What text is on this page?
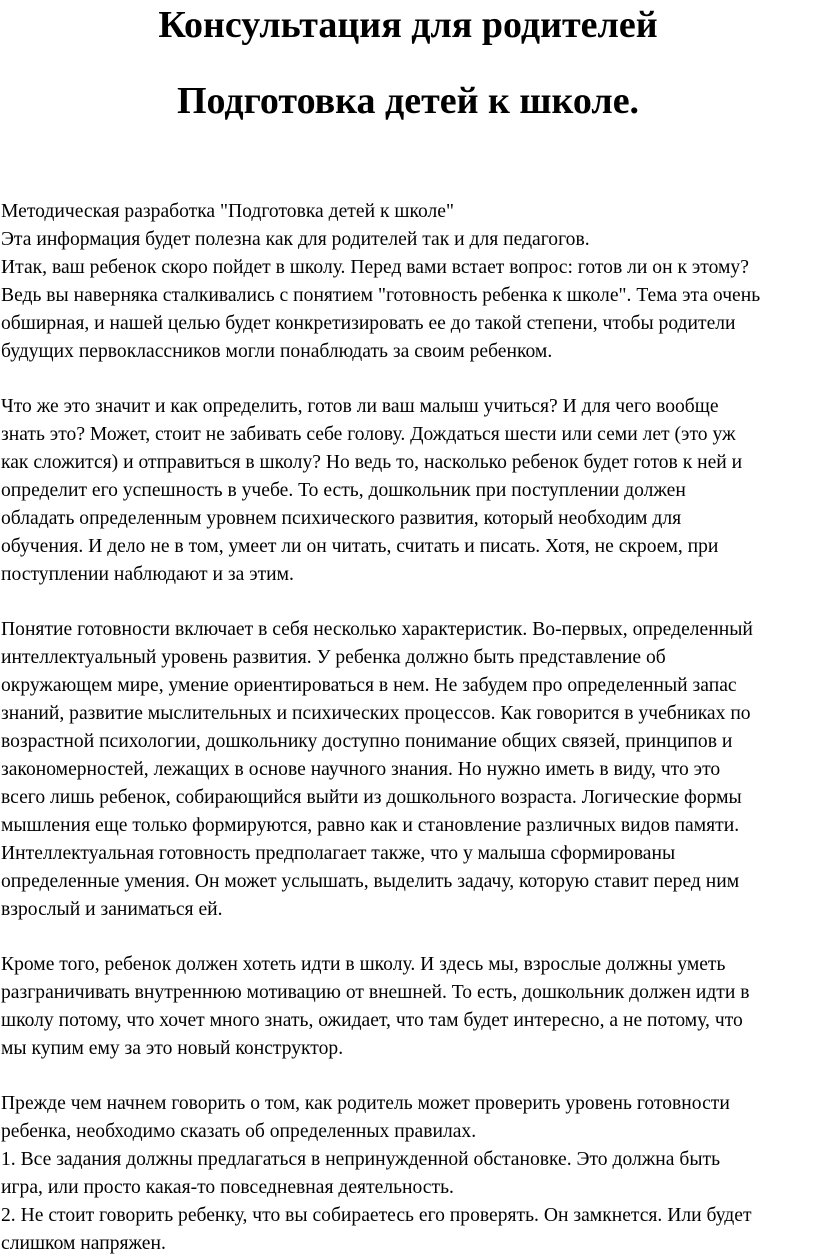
Консультация для родителей
Подготовка детей к школе.
Методическая разработка "Подготовка детей к школе"
Эта информация будет полезна как для родителей так и для педагогов.
Итак, ваш ребенок скоро пойдет в школу. Перед вами встает вопрос: готов ли он к этому?
Ведь вы наверняка сталкивались с понятием "готовность ребенка к школе". Тема эта очень
обширная, и нашей целью будет конкретизировать ее до такой степени, чтобы родители
будущих первоклассников могли понаблюдать за своим ребенком.
Что же это значит и как определить, готов ли ваш малыш учиться? И для чего вообще
знать это? Может, стоит не забивать себе голову. Дождаться шести или семи лет (это уж
как сложится) и отправиться в школу? Но ведь то, насколько ребенок будет готов к ней и
определит его успешность в учебе. То есть, дошкольник при поступлении должен
обладать определенным уровнем психического развития, который необходим для
обучения. И дело не в том, умеет ли он читать, считать и писать. Хотя, не скроем, при
поступлении наблюдают и за этим.
Понятие готовности включает в себя несколько характеристик. Во-первых, определенный
интеллектуальный уровень развития. У ребенка должно быть представление об
окружающем мире, умение ориентироваться в нем. Не забудем про определенный запас
знаний, развитие мыслительных и психических процессов. Как говорится в учебниках по
возрастной психологии, дошкольнику доступно понимание общих связей, принципов и
закономерностей, лежащих в основе научного знания. Но нужно иметь в виду, что это
всего лишь ребенок, собирающийся выйти из дошкольного возраста. Логические формы
мышления еще только формируются, равно как и становление различных видов памяти.
Интеллектуальная готовность предполагает также, что у малыша сформированы
определенные умения. Он может услышать, выделить задачу, которую ставит перед ним
взрослый и заниматься ей.
Кроме того, ребенок должен хотеть идти в школу. И здесь мы, взрослые должны уметь
разграничивать внутреннюю мотивацию от внешней. То есть, дошкольник должен идти в
школу потому, что хочет много знать, ожидает, что там будет интересно, а не потому, что
мы купим ему за это новый конструктор.
Прежде чем начнем говорить о том, как родитель может проверить уровень готовности
ребенка, необходимо сказать об определенных правилах.
1. Все задания должны предлагаться в непринужденной обстановке. Это должна быть
игра, или просто какая-то повседневная деятельность.
2. Не стоит говорить ребенку, что вы собираетесь его проверять. Он замкнется. Или будет
слишком напряжен.
